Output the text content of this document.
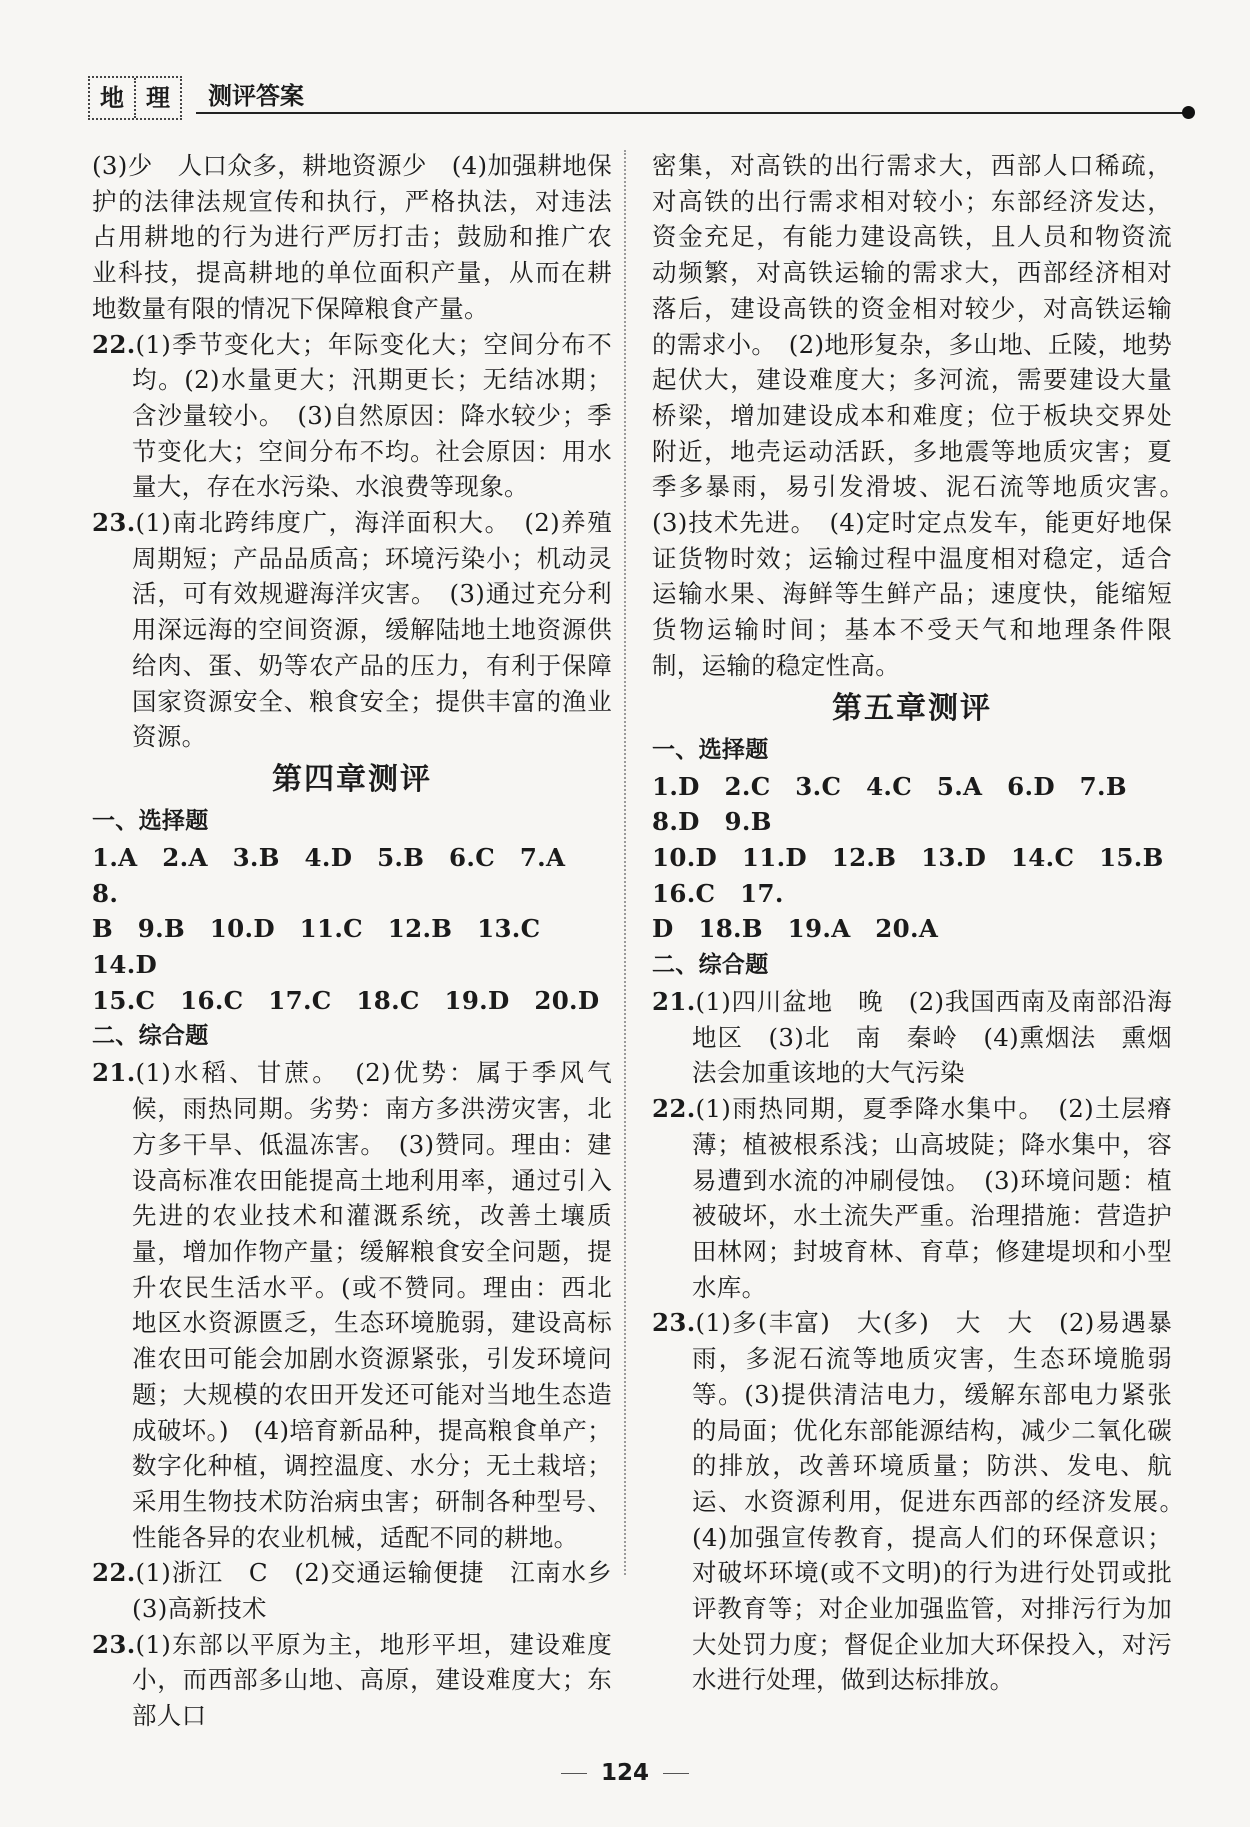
地 理	测评答案

(3)少　人口众多，耕地资源少　(4)加强耕地保护的法律法规宣传和执行，严格执法，对违法占用耕地的行为进行严厉打击；鼓励和推广农业科技，提高耕地的单位面积产量，从而在耕地数量有限的情况下保障粮食产量。

22.(1)季节变化大；年际变化大；空间分布不均。(2)水量更大；汛期更长；无结冰期；含沙量较小。　(3)自然原因：降水较少；季节变化大；空间分布不均。社会原因：用水量大，存在水污染、水浪费等现象。

23.(1)南北跨纬度广，海洋面积大。　(2)养殖周期短；产品品质高；环境污染小；机动灵活，可有效规避海洋灾害。　(3)通过充分利用深远海的空间资源，缓解陆地土地资源供给肉、蛋、奶等农产品的压力，有利于保障国家资源安全、粮食安全；提供丰富的渔业资源。

第四章测评

一、选择题

1.A　2.A　3.B　4.D　5.B　6.C　7.A　8.

B　9.B　10.D　11.C　12.B　13.C　14.D

15.C　16.C　17.C　18.C　19.D　20.D

二、综合题

21.(1)水稻、甘蔗。　(2)优势：属于季风气候，雨热同期。劣势：南方多洪涝灾害，北方多干旱、低温冻害。　(3)赞同。理由：建设高标准农田能提高土地利用率，通过引入先进的农业技术和灌溉系统，改善土壤质量，增加作物产量；缓解粮食安全问题，提升农民生活水平。(或不赞同。理由：西北地区水资源匮乏，生态环境脆弱，建设高标准农田可能会加剧水资源紧张，引发环境问题；大规模的农田开发还可能对当地生态造成破坏。)　(4)培育新品种，提高粮食单产；数字化种植，调控温度、水分；无土栽培；采用生物技术防治病虫害；研制各种型号、性能各异的农业机械，适配不同的耕地。

22.(1)浙江　C　(2)交通运输便捷　江南水乡　(3)高新技术

23.(1)东部以平原为主，地形平坦，建设难度小，而西部多山地、高原，建设难度大；东部人口

密集，对高铁的出行需求大，西部人口稀疏，对高铁的出行需求相对较小；东部经济发达，资金充足，有能力建设高铁，且人员和物资流动频繁，对高铁运输的需求大，西部经济相对落后，建设高铁的资金相对较少，对高铁运输的需求小。　(2)地形复杂，多山地、丘陵，地势起伏大，建设难度大；多河流，需要建设大量桥梁，增加建设成本和难度；位于板块交界处附近，地壳运动活跃，多地震等地质灾害；夏季多暴雨，易引发滑坡、泥石流等地质灾害。　(3)技术先进。　(4)定时定点发车，能更好地保证货物时效；运输过程中温度相对稳定，适合运输水果、海鲜等生鲜产品；速度快，能缩短货物运输时间；基本不受天气和地理条件限制，运输的稳定性高。

第五章测评

一、选择题

1.D　2.C　3.C　4.C　5.A　6.D　7.B　8.D　9.B

10.D　11.D　12.B　13.D　14.C　15.B　16.C　17.

D　18.B　19.A　20.A

二、综合题

21.(1)四川盆地　晚　(2)我国西南及南部沿海地区　(3)北　南　秦岭　(4)熏烟法　熏烟法会加重该地的大气污染

22.(1)雨热同期，夏季降水集中。　(2)土层瘠薄；植被根系浅；山高坡陡；降水集中，容易遭到水流的冲刷侵蚀。　(3)环境问题：植被破坏，水土流失严重。治理措施：营造护田林网；封坡育林、育草；修建堤坝和小型水库。

23.(1)多(丰富)　大(多)　大　大　(2)易遇暴雨，多泥石流等地质灾害，生态环境脆弱等。(3)提供清洁电力，缓解东部电力紧张的局面；优化东部能源结构，减少二氧化碳的排放，改善环境质量；防洪、发电、航运、水资源利用，促进东西部的经济发展。　(4)加强宣传教育，提高人们的环保意识；对破坏环境(或不文明)的行为进行处罚或批评教育等；对企业加强监管，对排污行为加大处罚力度；督促企业加大环保投入，对污水进行处理，做到达标排放。

124
